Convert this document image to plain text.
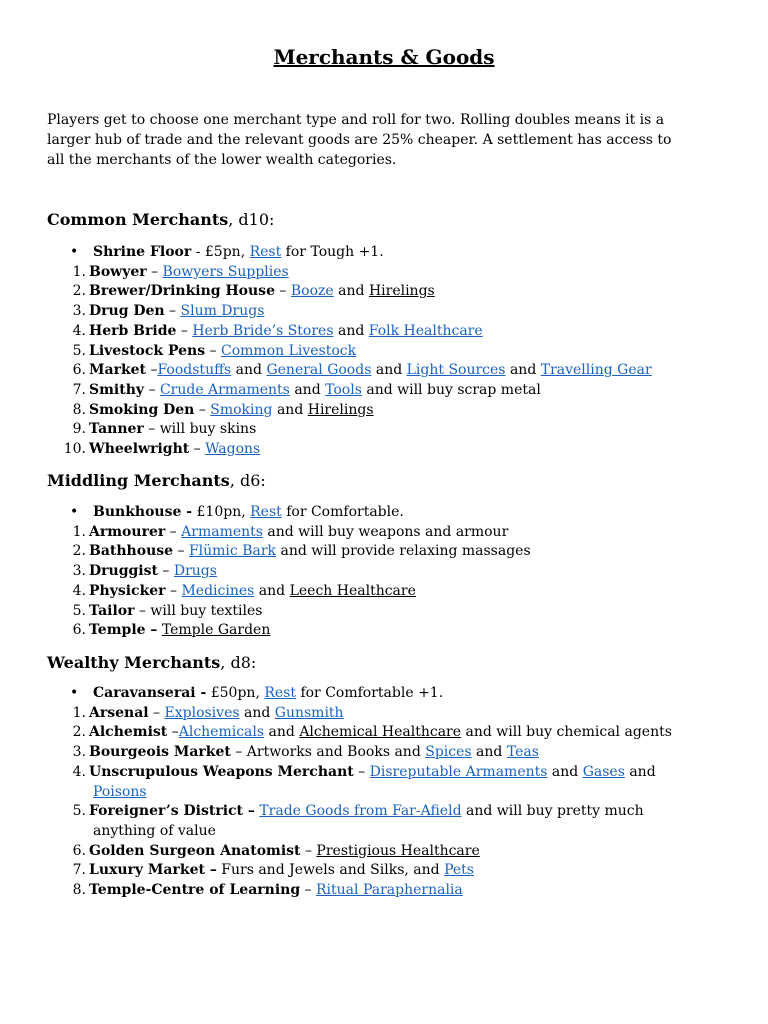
Merchants & Goods
Players get to choose one merchant type and roll for two. Rolling doubles means it is a
larger hub of trade and the relevant goods are 25% cheaper. A settlement has access to
all the merchants of the lower wealth categories.
Common Merchants, d10:
Middling Merchants, d6:
Wealthy Merchants, d8:
• Shrine Floor - £5pn, Rest for Tough +1.
1. Bowyer – Bowyers Supplies
2. Brewer/Drinking House – Booze and Hirelings
3. Drug Den – Slum Drugs
4. Herb Bride – Herb Bride’s Stores and Folk Healthcare
5. Livestock Pens – Common Livestock
6. Market –Foodstuffs and General Goods and Light Sources and Travelling Gear
7. Smithy – Crude Armaments and Tools and will buy scrap metal
8. Smoking Den – Smoking and Hirelings
9. Tanner – will buy skins
10. Wheelwright – Wagons
• Bunkhouse - £10pn, Rest for Comfortable.
1. Armourer – Armaments and will buy weapons and armour
2. Bathhouse – Flümic Bark and will provide relaxing massages
3. Druggist – Drugs
4. Physicker – Medicines and Leech Healthcare
5. Tailor – will buy textiles
6. Temple – Temple Garden
• Caravanserai - £50pn, Rest for Comfortable +1.
1. Arsenal – Explosives and Gunsmith
2. Alchemist –Alchemicals and Alchemical Healthcare and will buy chemical agents
3. Bourgeois Market – Artworks and Books and Spices and Teas
4. Unscrupulous Weapons Merchant – Disreputable Armaments and Gases and
Poisons
5. Foreigner’s District – Trade Goods from Far-Afield and will buy pretty much
anything of value
6. Golden Surgeon Anatomist – Prestigious Healthcare
7. Luxury Market – Furs and Jewels and Silks, and Pets
8. Temple-Centre of Learning – Ritual Paraphernalia
